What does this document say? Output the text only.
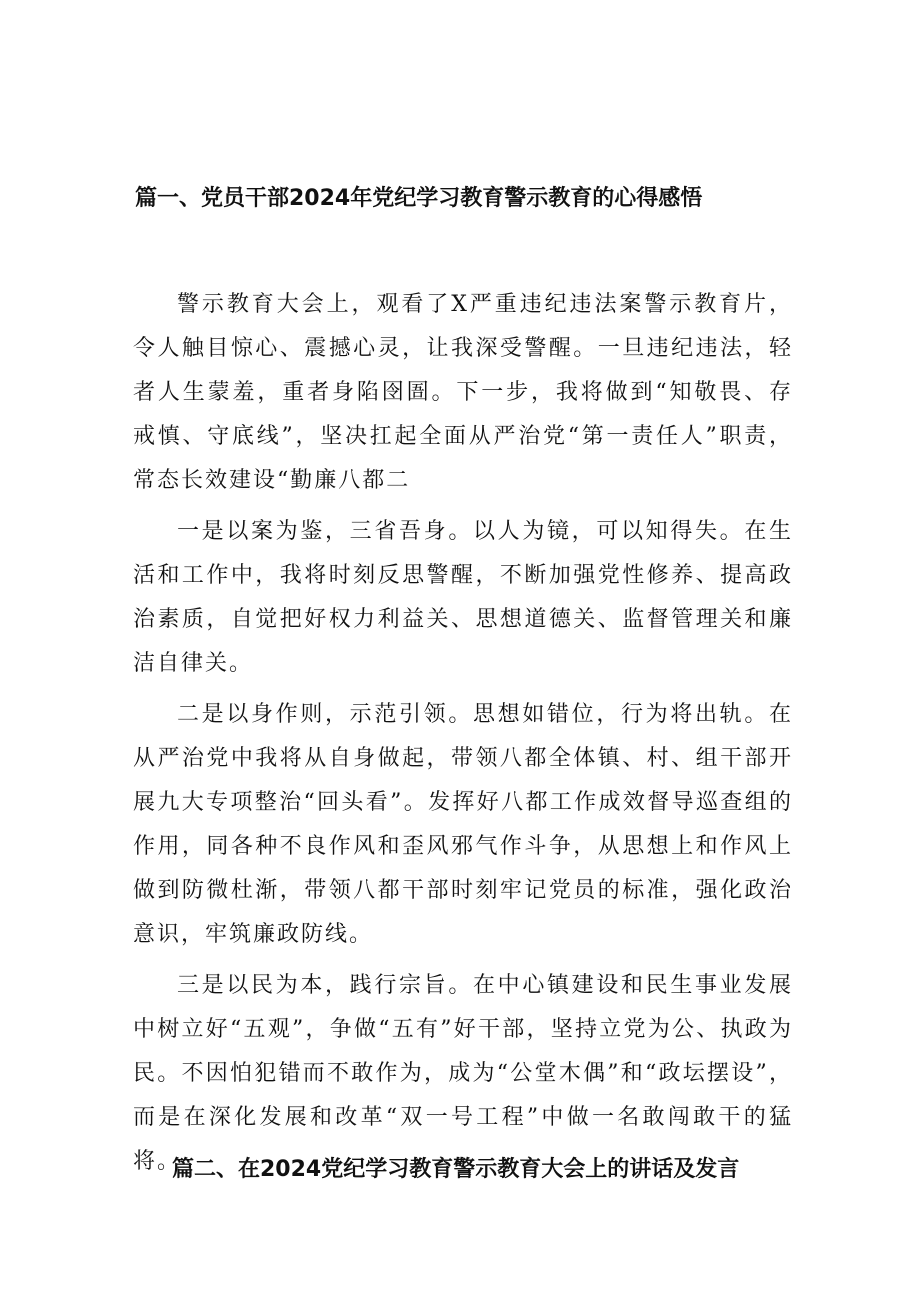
篇一、党员干部2024年党纪学习教育警示教育的心得感悟

警示教育大会上，观看了X严重违纪违法案警示教育片，令人触目惊心、震撼心灵，让我深受警醒。一旦违纪违法，轻者人生蒙羞，重者身陷囹圄。下一步，我将做到“知敬畏、存戒慎、守底线”，坚决扛起全面从严治党“第一责任人”职责，常态长效建设“勤廉八都二

一是以案为鉴，三省吾身。以人为镜，可以知得失。在生活和工作中，我将时刻反思警醒，不断加强党性修养、提高政治素质，自觉把好权力利益关、思想道德关、监督管理关和廉洁自律关。

二是以身作则，示范引领。思想如错位，行为将出轨。在从严治党中我将从自身做起，带领八都全体镇、村、组干部开展九大专项整治“回头看”。发挥好八都工作成效督导巡查组的作用，同各种不良作风和歪风邪气作斗争，从思想上和作风上做到防微杜渐，带领八都干部时刻牢记党员的标准，强化政治意识，牢筑廉政防线。

三是以民为本，践行宗旨。在中心镇建设和民生事业发展中树立好“五观”，争做“五有”好干部，坚持立党为公、执政为民。不因怕犯错而不敢作为，成为“公堂木偶”和“政坛摆设”，而是在深化发展和改革“双一号工程”中做一名敢闯敢干的猛将。

篇二、在2024党纪学习教育警示教育大会上的讲话及发言
